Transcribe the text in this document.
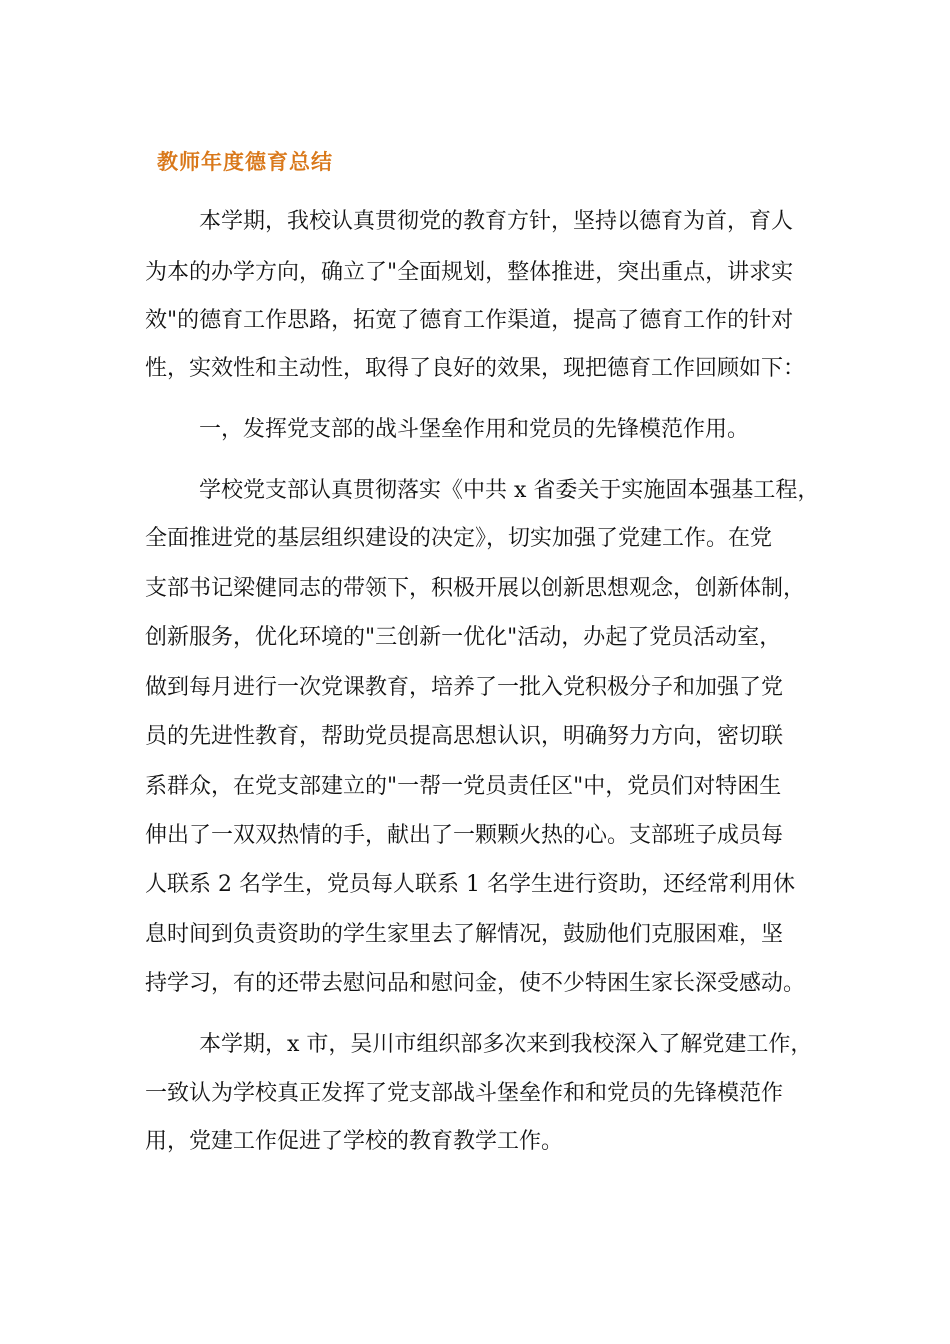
教师年度德育总结
本学期，我校认真贯彻党的教育方针，坚持以德育为首，育人
为本的办学方向，确立了"全面规划，整体推进，突出重点，讲求实
效"的德育工作思路，拓宽了德育工作渠道，提高了德育工作的针对
性，实效性和主动性，取得了良好的效果，现把德育工作回顾如下：
一，发挥党支部的战斗堡垒作用和党员的先锋模范作用。
学校党支部认真贯彻落实《中共 x 省委关于实施固本强基工程，
全面推进党的基层组织建设的决定》，切实加强了党建工作。在党
支部书记梁健同志的带领下，积极开展以创新思想观念，创新体制，
创新服务，优化环境的"三创新一优化"活动，办起了党员活动室，
做到每月进行一次党课教育，培养了一批入党积极分子和加强了党
员的先进性教育，帮助党员提高思想认识，明确努力方向，密切联
系群众，在党支部建立的"一帮一党员责任区"中，党员们对特困生
伸出了一双双热情的手，献出了一颗颗火热的心。支部班子成员每
人联系 2 名学生，党员每人联系 1 名学生进行资助，还经常利用休
息时间到负责资助的学生家里去了解情况，鼓励他们克服困难，坚
持学习，有的还带去慰问品和慰问金，使不少特困生家长深受感动。
本学期，x 市，吴川市组织部多次来到我校深入了解党建工作，
一致认为学校真正发挥了党支部战斗堡垒作和和党员的先锋模范作
用，党建工作促进了学校的教育教学工作。
